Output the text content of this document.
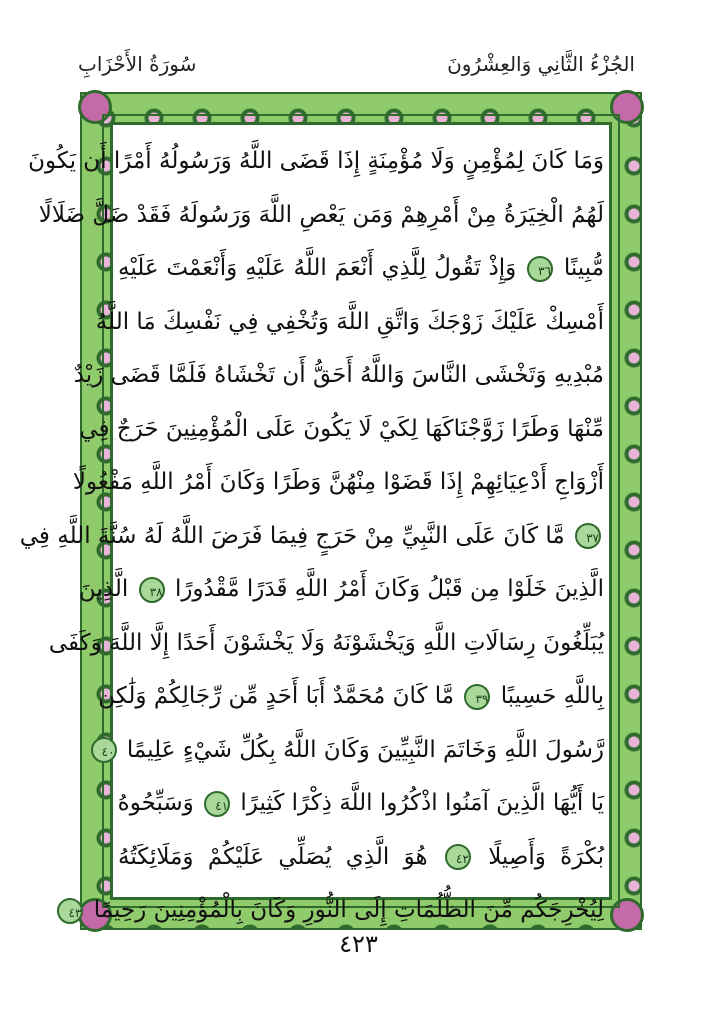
سُورَةُ الأَحْزَابِ	الجُزْءُ الثَّانِي وَالعِشْرُونَ
وَمَا كَانَ لِمُؤْمِنٍ وَلَا مُؤْمِنَةٍ إِذَا قَضَى اللَّهُ وَرَسُولُهُ أَمْرًا أَن يَكُونَ
لَهُمُ الْخِيَرَةُ مِنْ أَمْرِهِمْ وَمَن يَعْصِ اللَّهَ وَرَسُولَهُ فَقَدْ ضَلَّ ضَلَالًا
مُّبِينًا ٣٦ وَإِذْ تَقُولُ لِلَّذِي أَنْعَمَ اللَّهُ عَلَيْهِ وَأَنْعَمْتَ عَلَيْهِ
أَمْسِكْ عَلَيْكَ زَوْجَكَ وَاتَّقِ اللَّهَ وَتُخْفِي فِي نَفْسِكَ مَا اللَّهُ
مُبْدِيهِ وَتَخْشَى النَّاسَ وَاللَّهُ أَحَقُّ أَن تَخْشَاهُ فَلَمَّا قَضَى زَيْدٌ
مِّنْهَا وَطَرًا زَوَّجْنَاكَهَا لِكَيْ لَا يَكُونَ عَلَى الْمُؤْمِنِينَ حَرَجٌ فِي
أَزْوَاجِ أَدْعِيَائِهِمْ إِذَا قَضَوْا مِنْهُنَّ وَطَرًا وَكَانَ أَمْرُ اللَّهِ مَفْعُولًا
٣٧ مَّا كَانَ عَلَى النَّبِيِّ مِنْ حَرَجٍ فِيمَا فَرَضَ اللَّهُ لَهُ سُنَّةَ اللَّهِ فِي
الَّذِينَ خَلَوْا مِن قَبْلُ وَكَانَ أَمْرُ اللَّهِ قَدَرًا مَّقْدُورًا ٣٨ الَّذِينَ
يُبَلِّغُونَ رِسَالَاتِ اللَّهِ وَيَخْشَوْنَهُ وَلَا يَخْشَوْنَ أَحَدًا إِلَّا اللَّهَ وَكَفَى
بِاللَّهِ حَسِيبًا ٣٩ مَّا كَانَ مُحَمَّدٌ أَبَا أَحَدٍ مِّن رِّجَالِكُمْ وَلَٰكِن
رَّسُولَ اللَّهِ وَخَاتَمَ النَّبِيِّينَ وَكَانَ اللَّهُ بِكُلِّ شَيْءٍ عَلِيمًا ٤٠
يَا أَيُّهَا الَّذِينَ آمَنُوا اذْكُرُوا اللَّهَ ذِكْرًا كَثِيرًا ٤١ وَسَبِّحُوهُ
بُكْرَةً وَأَصِيلًا ٤٢ هُوَ الَّذِي يُصَلِّي عَلَيْكُمْ وَمَلَائِكَتُهُ
لِيُخْرِجَكُم مِّنَ الظُّلُمَاتِ إِلَى النُّورِ وَكَانَ بِالْمُؤْمِنِينَ رَحِيمًا ٤٣
٤٢٣
